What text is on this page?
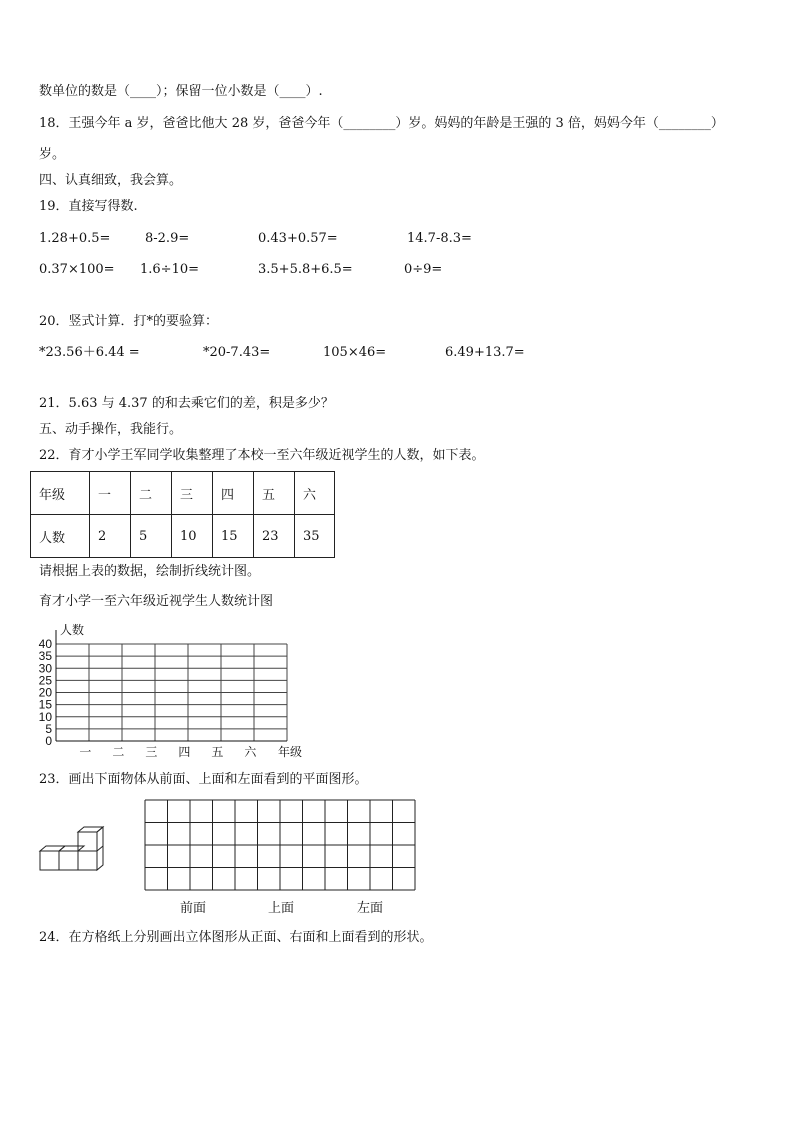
数单位的数是（____）；保留一位小数是（____）.
18．王强今年 a 岁，爸爸比他大 28 岁，爸爸今年（________）岁。妈妈的年龄是王强的 3 倍，妈妈今年（________）
岁。
四、认真细致，我会算。
19．直接写得数.
1.28+0.5=	8-2.9=	0.43+0.57=	14.7-8.3=
0.37×100= 1.6÷10=	3.5+5.8+6.5=	0÷9=
20．竖式计算．打*的要验算：
*23.56＋6.44 =	*20-7.43=	105×46=	6.49+13.7=
21．5.63 与 4.37 的和去乘它们的差，积是多少？
五、动手操作，我能行。
22．育才小学王军同学收集整理了本校一至六年级近视学生的人数，如下表。
年级	一	二	三	四	五	六
人数	2	5	10	15	23	35
请根据上表的数据，绘制折线统计图。
育才小学一至六年级近视学生人数统计图
0
5
10
15
20
25
30
35
40
人数
一 二 三 四 五 六 年级
23．画出下面物体从前面、上面和左面看到的平面图形。
前面	上面	左面
24．在方格纸上分别画出立体图形从正面、右面和上面看到的形状。
